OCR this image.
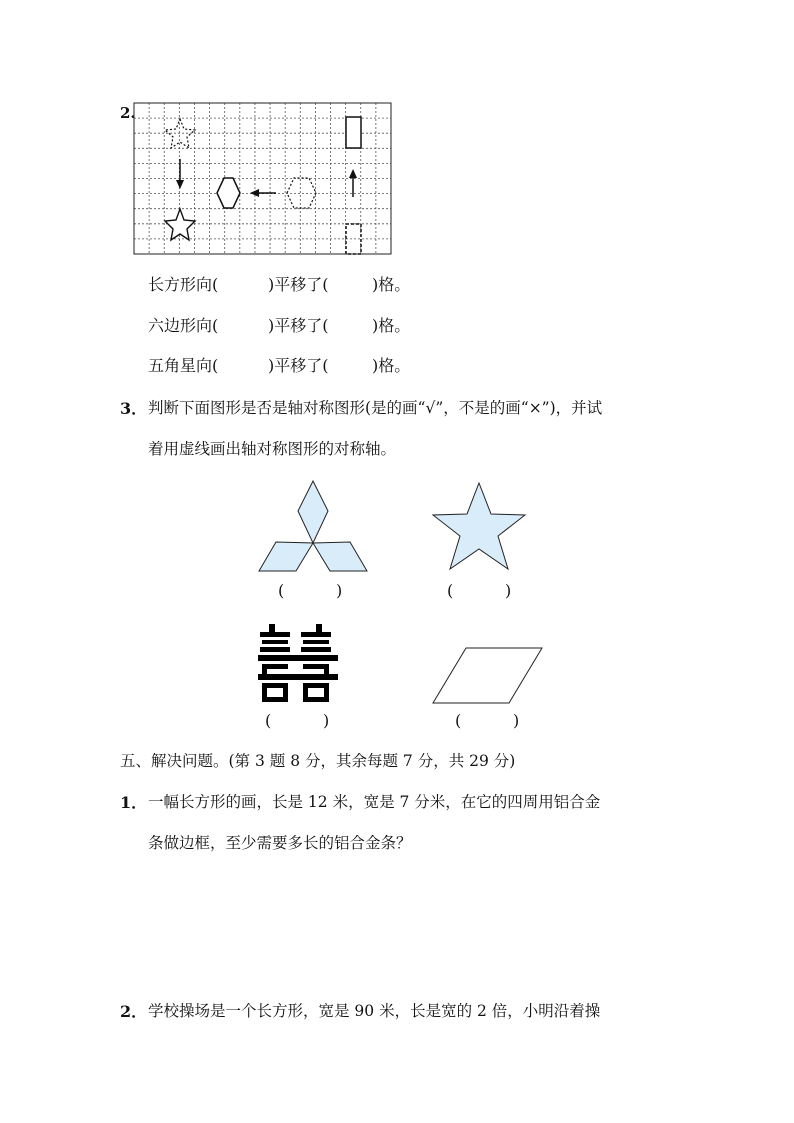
2.
长方形向(	)平移了(	)格。
六边形向(	)平移了(	)格。
五角星向(	)平移了(	)格。
3． 判断下面图形是否是轴对称图形(是的画“√”，不是的画“×”)，并试
着用虚线画出轴对称图形的对称轴。
(	)	(	)
(	)	(	)
五、解决问题。(第 3 题 8 分，其余每题 7 分，共 29 分)
1． 一幅长方形的画，长是 12 米，宽是 7 分米，在它的四周用铝合金
条做边框，至少需要多长的铝合金条？
2． 学校操场是一个长方形，宽是 90 米，长是宽的 2 倍，小明沿着操
